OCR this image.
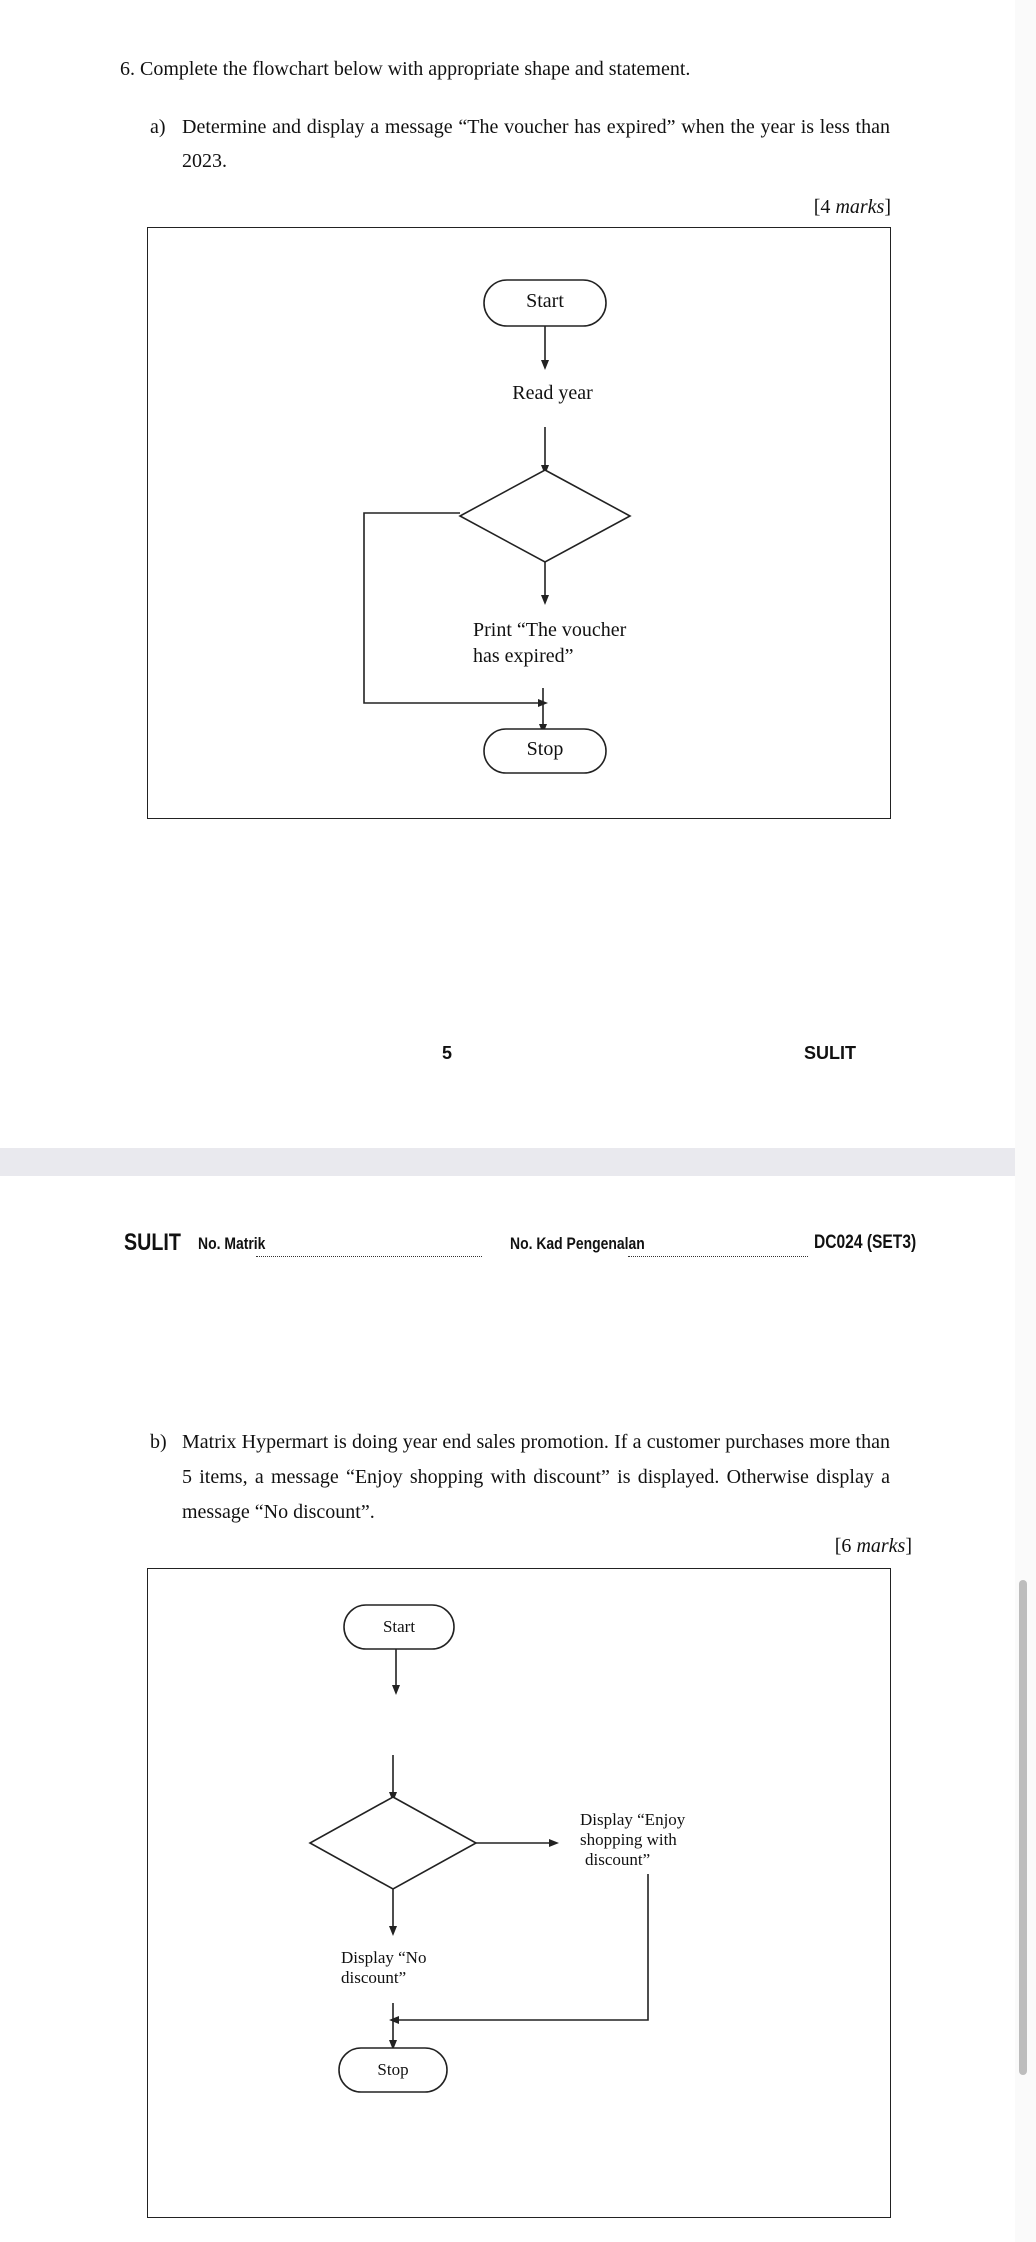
6. Complete the flowchart below with appropriate shape and statement.
a) Determine and display a message “The voucher has expired” when the year is less than 2023.
[4 marks]
5	SULIT
SULIT No. Matrik	No. Kad Pengenalan	DC024 (SET3)
b) Matrix Hypermart is doing year end sales promotion. If a customer purchases more than 5 items, a message “Enjoy shopping with discount” is displayed. Otherwise display a message “No discount”.
[6 marks]
Start
Read year
Print “The voucher
has expired”
Stop
Start
Display “Enjoy
shopping with
discount”
Display “No
discount”
Stop
